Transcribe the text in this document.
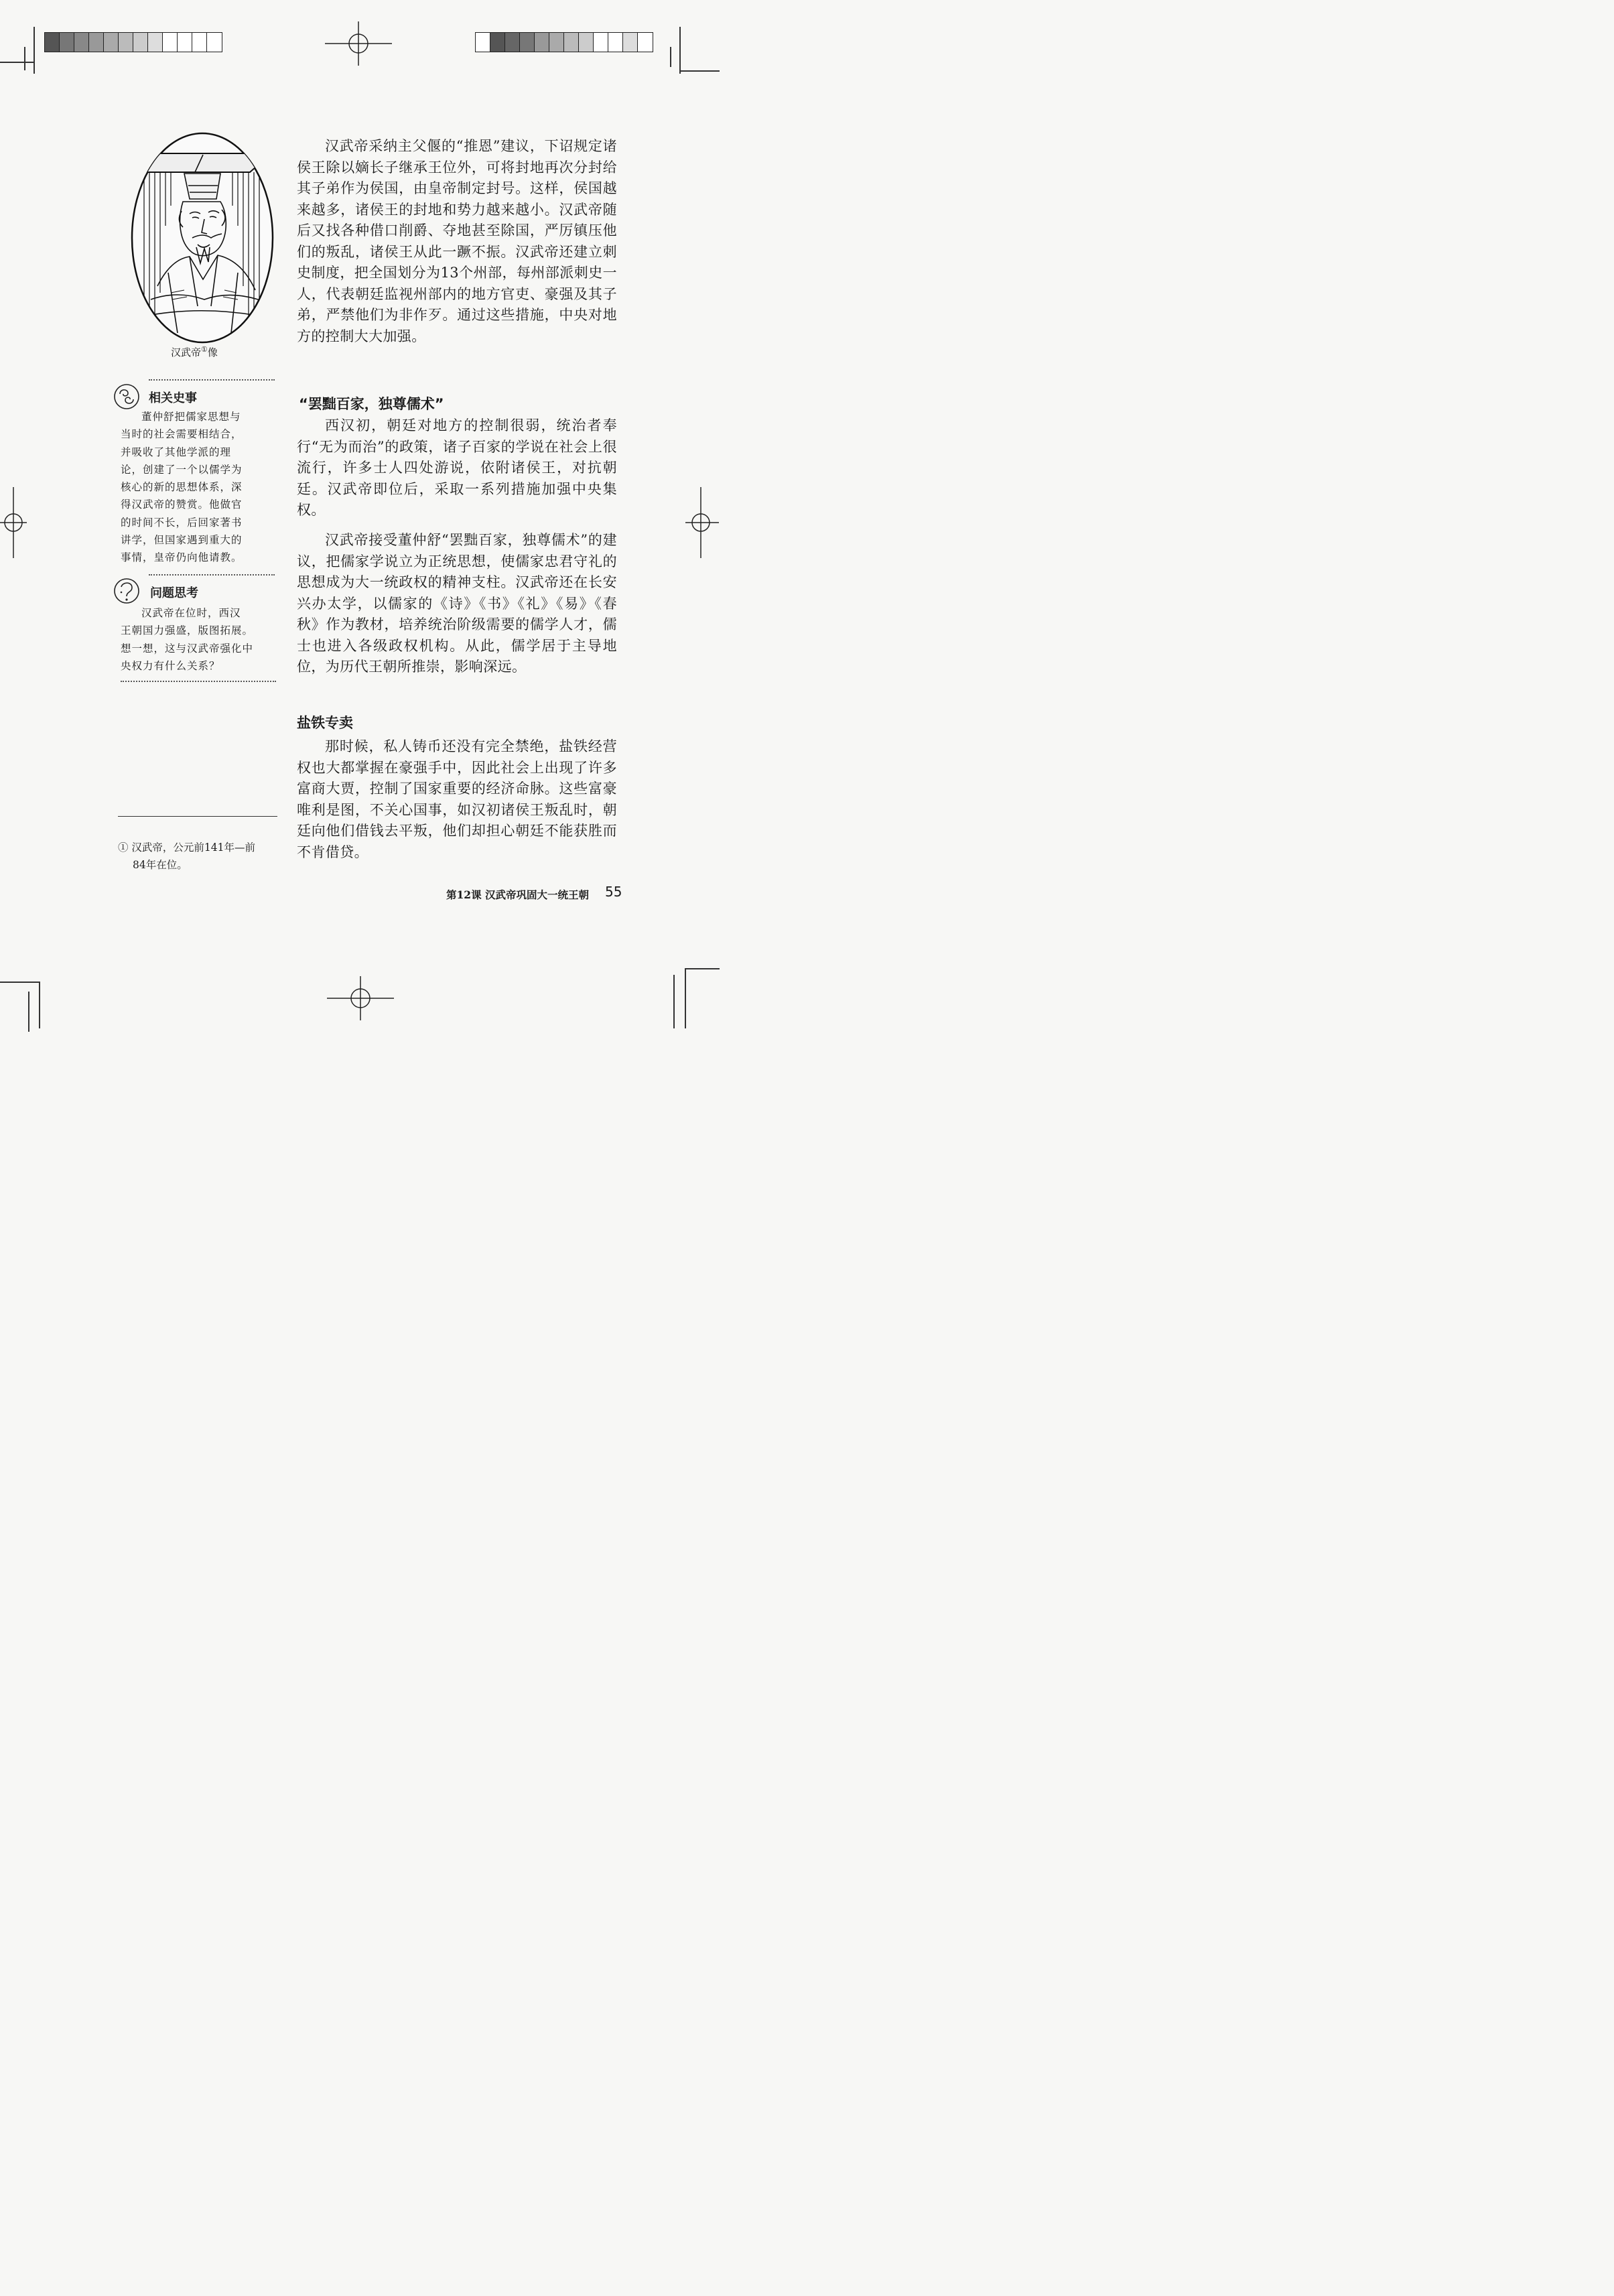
汉武帝①像
相关史事
董仲舒把儒家思想与
当时的社会需要相结合，
并吸收了其他学派的理
论，创建了一个以儒学为
核心的新的思想体系，深
得汉武帝的赞赏。他做官
的时间不长，后回家著书
讲学，但国家遇到重大的
事情，皇帝仍向他请教。
问题思考
汉武帝在位时，西汉
王朝国力强盛，版图拓展。
想一想，这与汉武帝强化中
央权力有什么关系？

汉武帝采纳主父偃的“推恩”建议，下诏规定诸侯王除以嫡长子继承王位外，可将封地再次分封给其子弟作为侯国，由皇帝制定封号。这样，侯国越来越多，诸侯王的封地和势力越来越小。汉武帝随后又找各种借口削爵、夺地甚至除国，严厉镇压他们的叛乱，诸侯王从此一蹶不振。汉武帝还建立刺史制度，把全国划分为13个州部，每州部派刺史一人，代表朝廷监视州部内的地方官吏、豪强及其子弟，严禁他们为非作歹。通过这些措施，中央对地方的控制大大加强。

“罢黜百家，独尊儒术”

西汉初，朝廷对地方的控制很弱，统治者奉行“无为而治”的政策，诸子百家的学说在社会上很流行，许多士人四处游说，依附诸侯王，对抗朝廷。汉武帝即位后，采取一系列措施加强中央集权。

汉武帝接受董仲舒“罢黜百家，独尊儒术”的建议，把儒家学说立为正统思想，使儒家忠君守礼的思想成为大一统政权的精神支柱。汉武帝还在长安兴办太学，以儒家的《诗》《书》《礼》《易》《春秋》作为教材，培养统治阶级需要的儒学人才，儒士也进入各级政权机构。从此，儒学居于主导地位，为历代王朝所推崇，影响深远。

盐铁专卖

那时候，私人铸币还没有完全禁绝，盐铁经营权也大都掌握在豪强手中，因此社会上出现了许多富商大贾，控制了国家重要的经济命脉。这些富豪唯利是图，不关心国事，如汉初诸侯王叛乱时，朝廷向他们借钱去平叛，他们却担心朝廷不能获胜而不肯借贷。

① 汉武帝，公元前141年—前
84年在位。
第12课 汉武帝巩固大一统王朝 55
